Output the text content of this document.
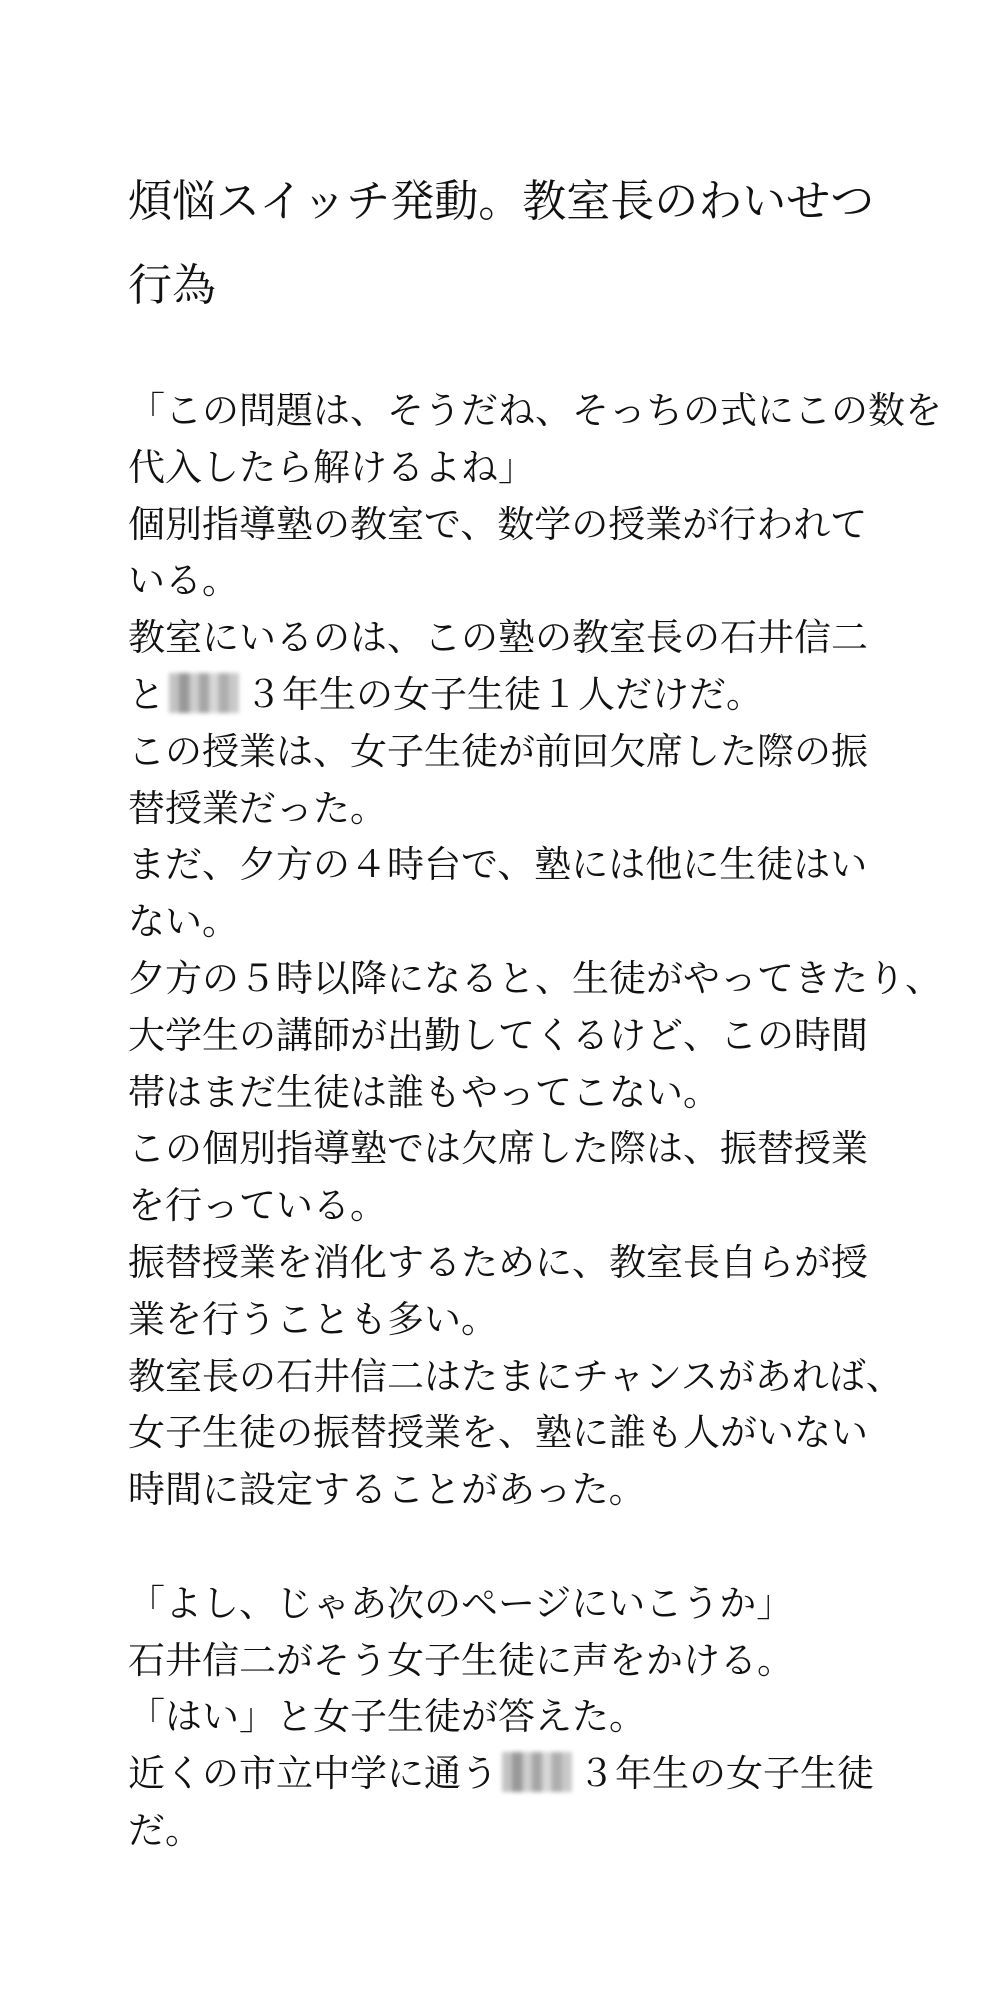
煩悩スイッチ発動。教室長のわいせつ
行為
「この問題は、そうだね、そっちの式にこの数を
代入したら解けるよね」
個別指導塾の教室で、数学の授業が行われて
いる。
教室にいるのは、この塾の教室長の石井信二
と ３年生の女子生徒１人だけだ。
この授業は、女子生徒が前回欠席した際の振
替授業だった。
まだ、夕方の４時台で、塾には他に生徒はい
ない。
夕方の５時以降になると、生徒がやってきたり、
大学生の講師が出勤してくるけど、この時間
帯はまだ生徒は誰もやってこない。
この個別指導塾では欠席した際は、振替授業
を行っている。
振替授業を消化するために、教室長自らが授
業を行うことも多い。
教室長の石井信二はたまにチャンスがあれば、
女子生徒の振替授業を、塾に誰も人がいない
時間に設定することがあった。
「よし、じゃあ次のページにいこうか」
石井信二がそう女子生徒に声をかける。
「はい」と女子生徒が答えた。
近くの市立中学に通う ３年生の女子生徒
だ。
